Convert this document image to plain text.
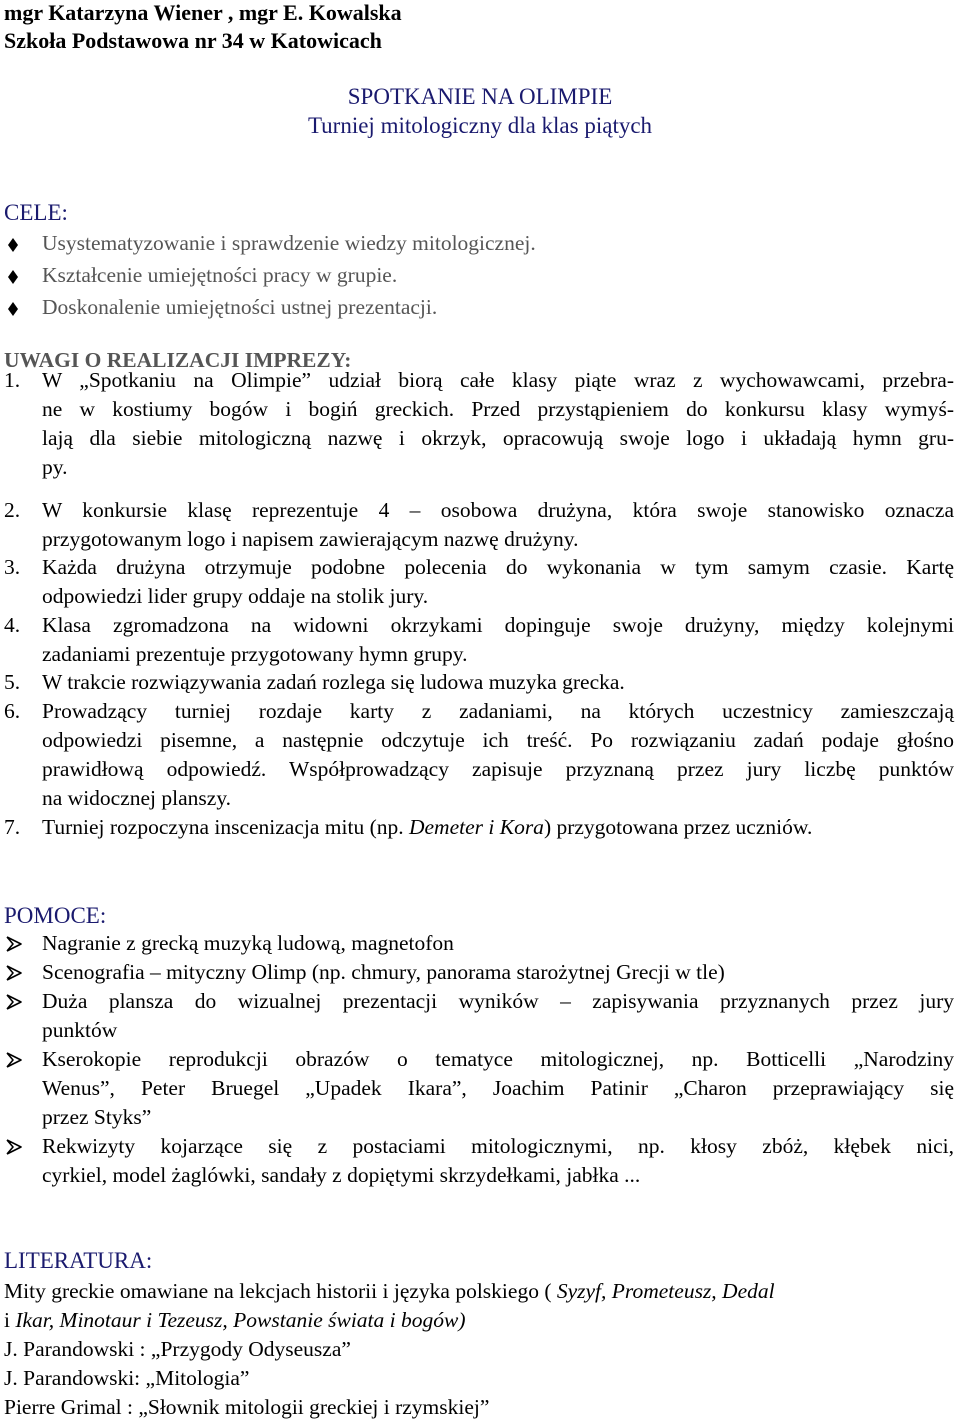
mgr Katarzyna Wiener , mgr E. Kowalska
Szkoła Podstawowa nr 34 w Katowicach
SPOTKANIE NA OLIMPIE
Turniej mitologiczny dla klas piątych
CELE:
Usystematyzowanie i sprawdzenie wiedzy mitologicznej.
Kształcenie umiejętności pracy w grupie.
Doskonalenie umiejętności ustnej prezentacji.
UWAGI O REALIZACJI IMPREZY:
1. W „Spotkaniu na Olimpie” udział biorą całe klasy piąte wraz z wychowawcami, przebra-
ne w kostiumy bogów i bogiń greckich. Przed przystąpieniem do konkursu klasy wymyś-
lają dla siebie mitologiczną nazwę i okrzyk, opracowują swoje logo i układają hymn gru-
py.
2. W konkursie klasę reprezentuje 4 – osobowa drużyna, która swoje stanowisko oznacza
przygotowanym logo i napisem zawierającym nazwę drużyny.
3. Każda drużyna otrzymuje podobne polecenia do wykonania w tym samym czasie. Kartę
odpowiedzi lider grupy oddaje na stolik jury.
4. Klasa zgromadzona na widowni okrzykami dopinguje swoje drużyny, między kolejnymi
zadaniami prezentuje przygotowany hymn grupy.
5. W trakcie rozwiązywania zadań rozlega się ludowa muzyka grecka.
6. Prowadzący turniej rozdaje karty z zadaniami, na których uczestnicy zamieszczają
odpowiedzi pisemne, a następnie odczytuje ich treść. Po rozwiązaniu zadań podaje głośno
prawidłową odpowiedź. Współprowadzący zapisuje przyznaną przez jury liczbę punktów
na widocznej planszy.
7. Turniej rozpoczyna inscenizacja mitu (np. Demeter i Kora) przygotowana przez uczniów.
POMOCE:
Nagranie z grecką muzyką ludową, magnetofon
Scenografia – mityczny Olimp (np. chmury, panorama starożytnej Grecji w tle)
Duża plansza do wizualnej prezentacji wyników – zapisywania przyznanych przez jury
punktów
Kserokopie reprodukcji obrazów o tematyce mitologicznej, np. Botticelli „Narodziny
Wenus”, Peter Bruegel „Upadek Ikara”, Joachim Patinir „Charon przeprawiający się
przez Styks”
Rekwizyty kojarzące się z postaciami mitologicznymi, np. kłosy zbóż, kłębek nici,
cyrkiel, model żaglówki, sandały z dopiętymi skrzydełkami, jabłka ...
LITERATURA:
Mity greckie omawiane na lekcjach historii i języka polskiego ( Syzyf, Prometeusz, Dedal
i Ikar, Minotaur i Tezeusz, Powstanie świata i bogów)
J. Parandowski : „Przygody Odyseusza”
J. Parandowski: „Mitologia”
Pierre Grimal : „Słownik mitologii greckiej i rzymskiej”
